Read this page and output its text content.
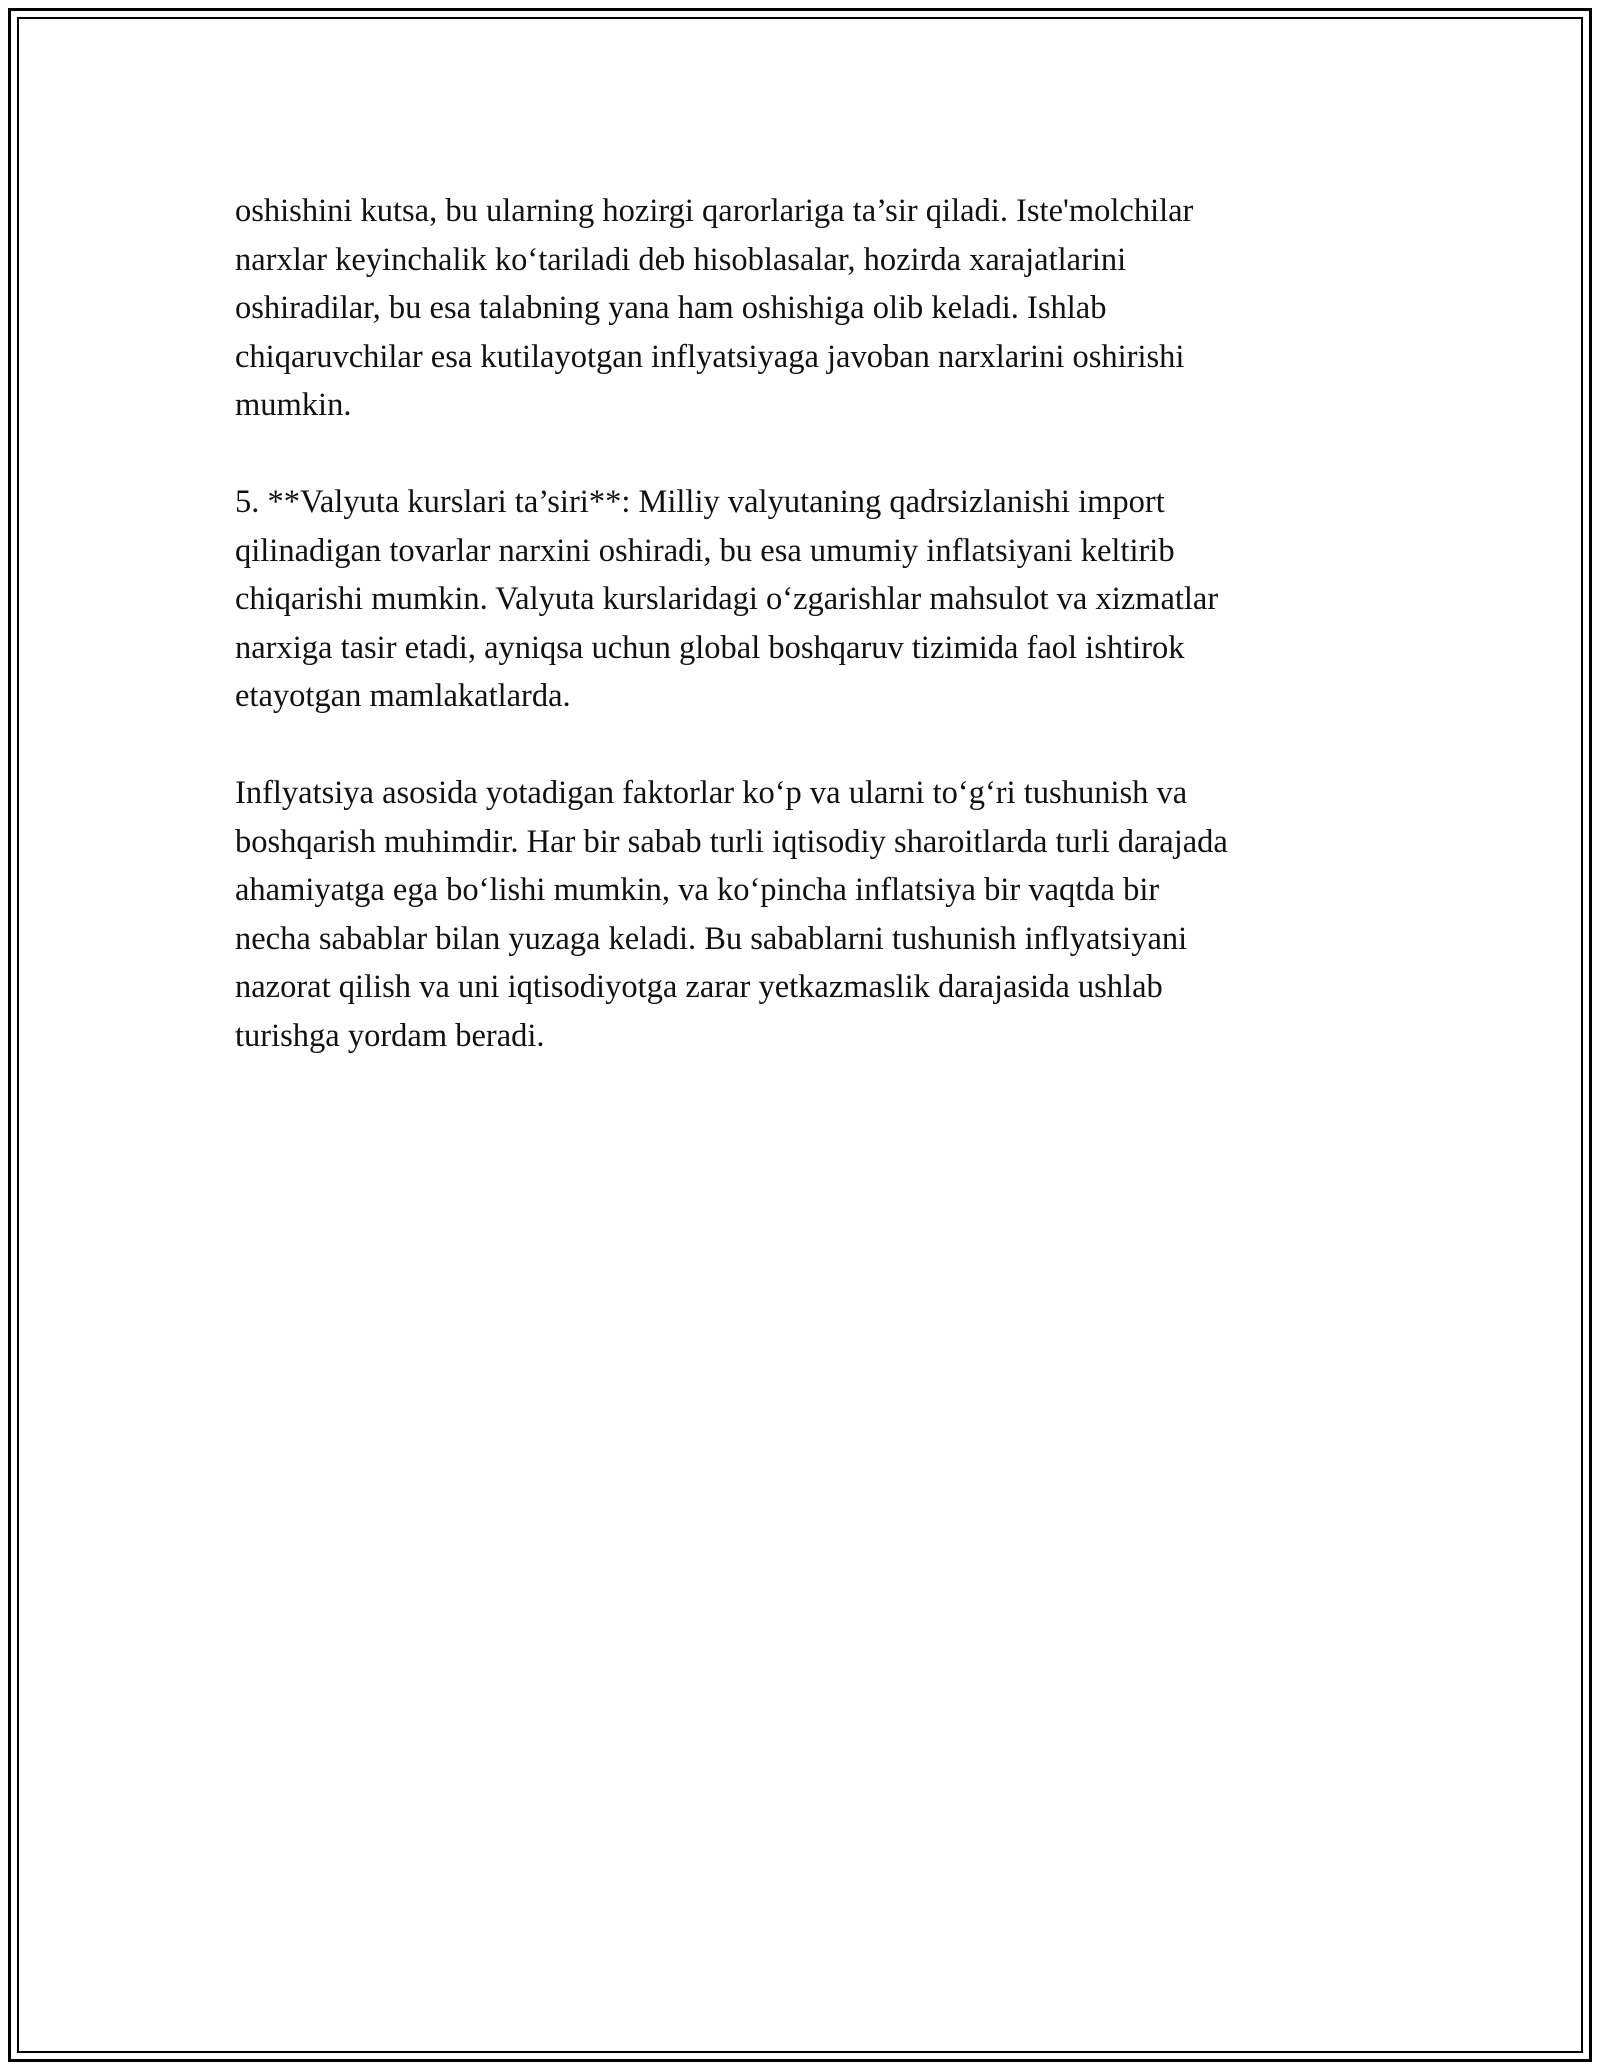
oshishini kutsa, bu ularning hozirgi qarorlariga ta’sir qiladi. Iste'molchilar
narxlar keyinchalik ko‘tariladi deb hisoblasalar, hozirda xarajatlarini
oshiradilar, bu esa talabning yana ham oshishiga olib keladi. Ishlab
chiqaruvchilar esa kutilayotgan inflyatsiyaga javoban narxlarini oshirishi
mumkin.

5. **Valyuta kurslari ta’siri**: Milliy valyutaning qadrsizlanishi import
qilinadigan tovarlar narxini oshiradi, bu esa umumiy inflatsiyani keltirib
chiqarishi mumkin. Valyuta kurslaridagi o‘zgarishlar mahsulot va xizmatlar
narxiga tasir etadi, ayniqsa uchun global boshqaruv tizimida faol ishtirok
etayotgan mamlakatlarda.

Inflyatsiya asosida yotadigan faktorlar ko‘p va ularni to‘g‘ri tushunish va
boshqarish muhimdir. Har bir sabab turli iqtisodiy sharoitlarda turli darajada
ahamiyatga ega bo‘lishi mumkin, va ko‘pincha inflatsiya bir vaqtda bir
necha sabablar bilan yuzaga keladi. Bu sabablarni tushunish inflyatsiyani
nazorat qilish va uni iqtisodiyotga zarar yetkazmaslik darajasida ushlab
turishga yordam beradi.
